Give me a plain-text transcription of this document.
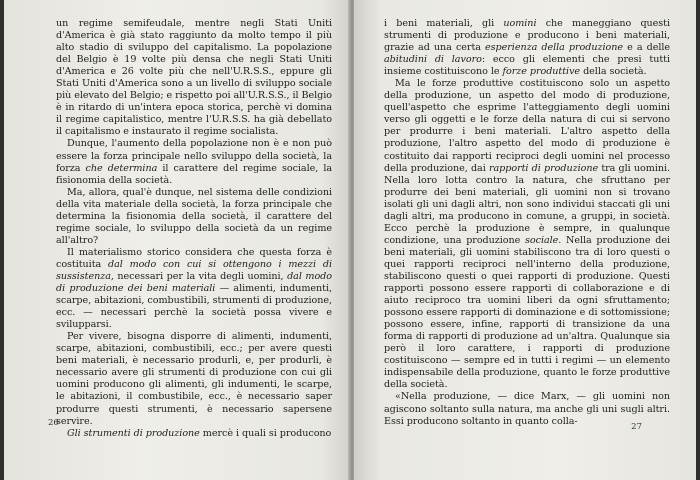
un regime semifeudale, mentre negli Stati Uniti d'America è già stato raggiunto da molto tempo il più alto stadio di sviluppo del capitalismo. La popolazione del Belgio è 19 volte più densa che negli Stati Uniti d'America e 26 volte più che nell'U.R.S.S., eppure gli Stati Uniti d'America sono a un livello di sviluppo sociale più elevato del Belgio; e rispetto poi all'U.R.S.S., il Belgio è in ritardo di un'intera epoca storica, perchè vi domina il regime capitalistico, mentre l'U.R.S.S. ha già debellato il capitalismo e instaurato il regime socialista.

Dunque, l'aumento della popolazione non è e non può essere la forza principale nello sviluppo della società, la forza che determina il carattere del regime sociale, la fisionomia della società.

Ma, allora, qual'è dunque, nel sistema delle condizioni della vita materiale della società, la forza principale che determina la fisionomia della società, il carattere del regime sociale, lo sviluppo della società da un regime all'altro?

Il materialismo storico considera che questa forza è costituita dal modo con cui si ottengono i mezzi di sussistenza, necessari per la vita degli uomini, dal modo di produzione dei beni materiali — alimenti, indumenti, scarpe, abitazioni, combustibili, strumenti di produzione, ecc. — necessari perchè la società possa vivere e svilupparsi.

Per vivere, bisogna disporre di alimenti, indumenti, scarpe, abitazioni, combustibili, ecc.; per avere questi beni materiali, è necessario produrli, e, per produrli, è necessario avere gli strumenti di produzione con cui gli uomini producono gli alimenti, gli indumenti, le scarpe, le abitazioni, il combustibile, ecc., è necessario saper produrre questi strumenti, è necessario sapersene servire.

Gli strumenti di produzione mercè i quali si producono

i beni materiali, gli uomini che maneggiano questi strumenti di produzione e producono i beni materiali, grazie ad una certa esperienza della produzione e a delle abitudini di lavoro: ecco gli elementi che presi tutti insieme costituiscono le forze produttive della società.

Ma le forze produttive costituiscono solo un aspetto della produzione, un aspetto del modo di produzione, quell'aspetto che esprime l'atteggiamento degli uomini verso gli oggetti e le forze della natura di cui si servono per produrre i beni materiali. L'altro aspetto della produzione, l'altro aspetto del modo di produzione è costituito dai rapporti reciproci degli uomini nel processo della produzione, dai rapporti di produzione tra gli uomini. Nella loro lotta contro la natura, che sfruttano per produrre dei beni materiali, gli uomini non si trovano isolati gli uni dagli altri, non sono individui staccati gli uni dagli altri, ma producono in comune, a gruppi, in società. Ecco perchè la produzione è sempre, in qualunque condizione, una produzione sociale. Nella produzione dei beni materiali, gli uomini stabiliscono tra di loro questi o quei rapporti reciproci nell'interno della produzione, stabiliscono questi o quei rapporti di produzione. Questi rapporti possono essere rapporti di collaborazione e di aiuto reciproco tra uomini liberi da ogni sfruttamento; possono essere rapporti di dominazione e di sottomissione; possono essere, infine, rapporti di transizione da una forma di rapporti di produzione ad un'altra. Qualunque sia però il loro carattere, i rapporti di produzione costituiscono — sempre ed in tutti i regimi — un elemento indispensabile della produzione, quanto le forze produttive della società.

«Nella produzione, — dice Marx, — gli uomini non agiscono soltanto sulla natura, ma anche gli uni sugli altri. Essi producono soltanto in quanto colla-

26	27
